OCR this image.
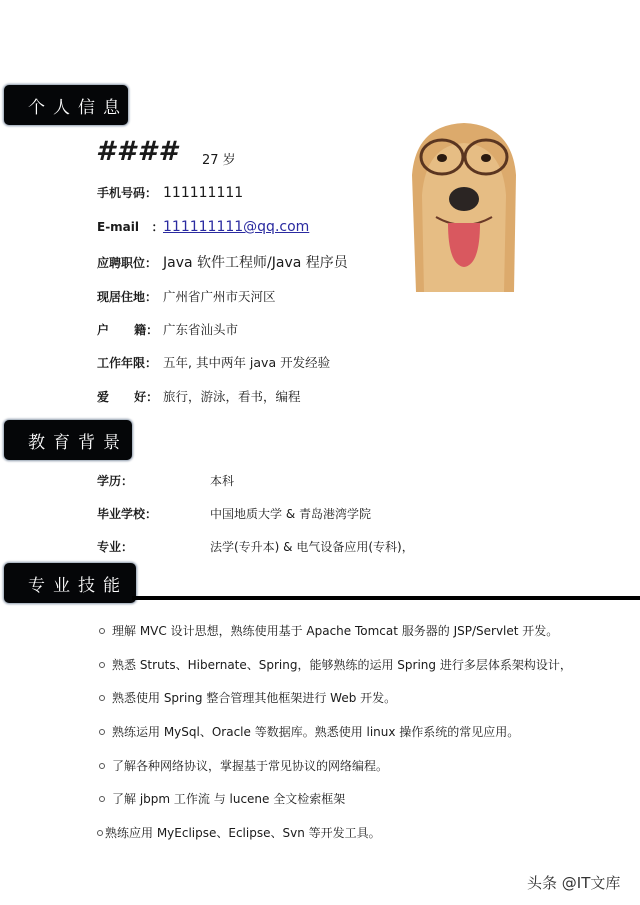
个人信息
#### 27 岁
手机号码： 111111111
E-mail   ： 111111111@qq.com
应聘职位： Java 软件工程师/Java 程序员
现居住地： 广州省广州市天河区
户      籍： 广东省汕头市
工作年限： 五年, 其中两年 java 开发经验
爱      好： 旅行，游泳，看书，编程
教育背景
学历：	本科
毕业学校：	中国地质大学 & 青岛港湾学院
专业：	法学(专升本) & 电气设备应用(专科)，
专业技能
理解 MVC 设计思想，熟练使用基于 Apache Tomcat 服务器的 JSP/Servlet 开发。
熟悉 Struts、Hibernate、Spring，能够熟练的运用 Spring 进行多层体系架构设计，
熟悉使用 Spring 整合管理其他框架进行 Web 开发。
熟练运用 MySql、Oracle 等数据库。熟悉使用 linux 操作系统的常见应用。
了解各种网络协议，掌握基于常见协议的网络编程。
了解 jbpm 工作流 与 lucene 全文检索框架
熟练应用 MyEclipse、Eclipse、Svn 等开发工具。
头条 @IT文库
